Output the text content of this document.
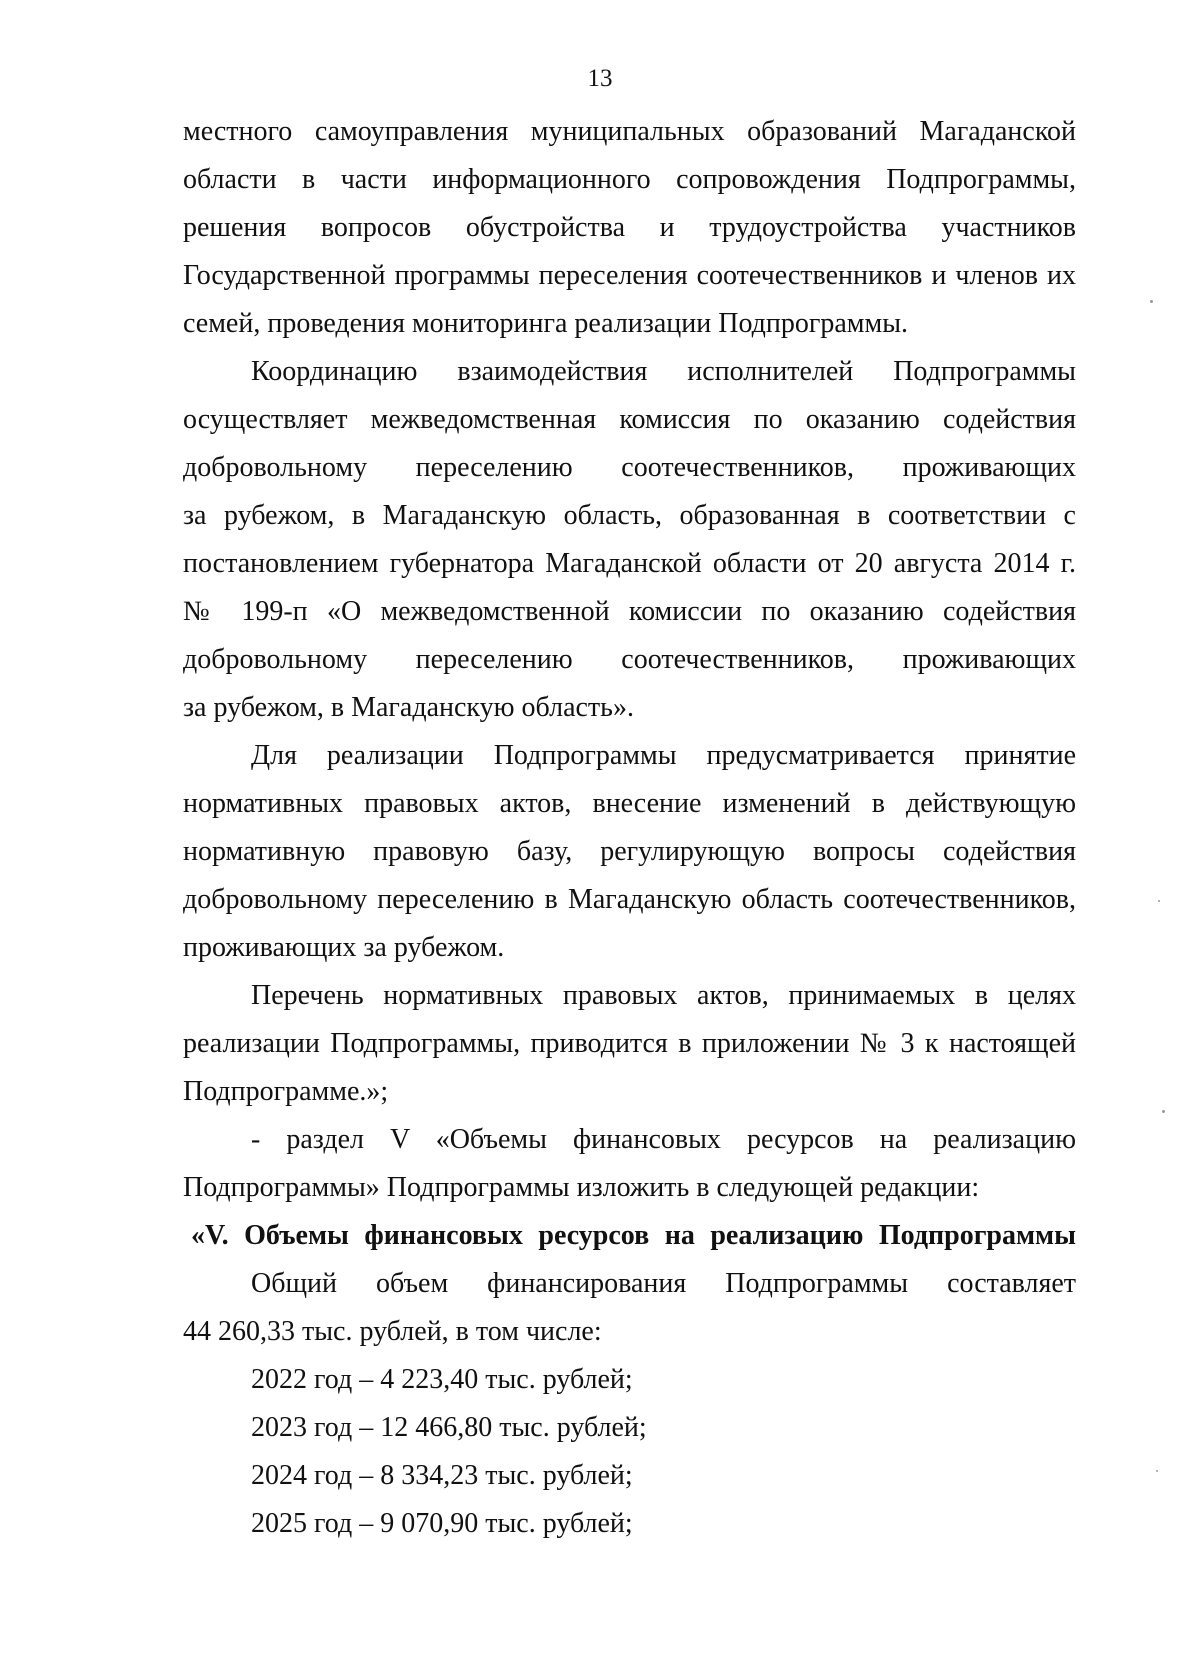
13

местного самоуправления муниципальных образований Магаданской

области в части информационного сопровождения Подпрограммы,

решения вопросов обустройства и трудоустройства участников

Государственной программы переселения соотечественников и членов их

семей, проведения мониторинга реализации Подпрограммы.

Координацию взаимодействия исполнителей Подпрограммы

осуществляет межведомственная комиссия по оказанию содействия

добровольному переселению соотечественников, проживающих

за рубежом, в Магаданскую область, образованная в соответствии с

постановлением губернатора Магаданской области от 20 августа 2014 г.

№ 199-п «О межведомственной комиссии по оказанию содействия

добровольному переселению соотечественников, проживающих

за рубежом, в Магаданскую область».

Для реализации Подпрограммы предусматривается принятие

нормативных правовых актов, внесение изменений в действующую

нормативную правовую базу, регулирующую вопросы содействия

добровольному переселению в Магаданскую область соотечественников,

проживающих за рубежом.

Перечень нормативных правовых актов, принимаемых в целях

реализации Подпрограммы, приводится в приложении № 3 к настоящей

Подпрограмме.»;

- раздел V «Объемы финансовых ресурсов на реализацию

Подпрограммы» Подпрограммы изложить в следующей редакции:

«V. Объемы финансовых ресурсов на реализацию Подпрограммы

Общий объем финансирования Подпрограммы составляет

44 260,33 тыс. рублей, в том числе:

2022 год – 4 223,40 тыс. рублей;

2023 год – 12 466,80 тыс. рублей;

2024 год – 8 334,23 тыс. рублей;

2025 год – 9 070,90 тыс. рублей;
